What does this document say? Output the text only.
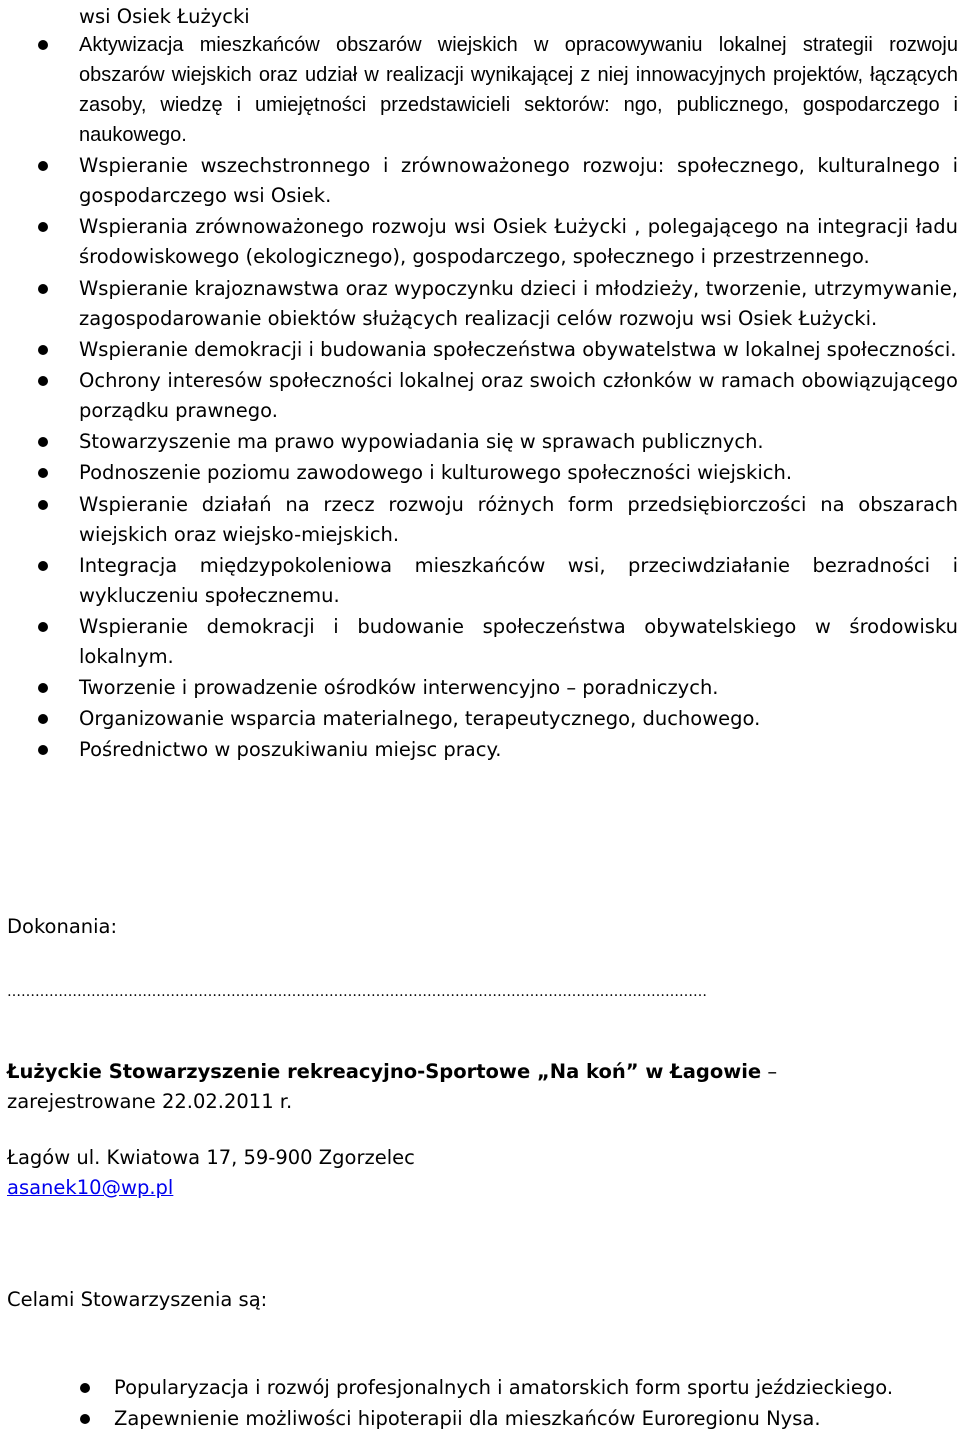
wsi Osiek Łużycki
Aktywizacja mieszkańców obszarów wiejskich w opracowywaniu lokalnej strategii rozwoju obszarów wiejskich oraz udział w realizacji wynikającej z niej innowacyjnych projektów, łączących zasoby, wiedzę i umiejętności przedstawicieli sektorów: ngo, publicznego, gospodarczego i naukowego.
Wspieranie wszechstronnego i zrównoważonego rozwoju: społecznego, kulturalnego i gospodarczego wsi Osiek.
Wspierania zrównoważonego rozwoju wsi Osiek Łużycki , polegającego na integracji ładu środowiskowego (ekologicznego), gospodarczego, społecznego i przestrzennego.
Wspieranie krajoznawstwa oraz wypoczynku dzieci i młodzieży, tworzenie, utrzymywanie, zagospodarowanie obiektów służących realizacji celów rozwoju wsi Osiek Łużycki.
Wspieranie demokracji i budowania społeczeństwa obywatelstwa w lokalnej społeczności.
Ochrony interesów społeczności lokalnej oraz swoich członków w ramach obowiązującego porządku prawnego.
Stowarzyszenie ma prawo wypowiadania się w sprawach publicznych.
Podnoszenie poziomu zawodowego i kulturowego społeczności wiejskich.
Wspieranie działań na rzecz rozwoju różnych form przedsiębiorczości na obszarach wiejskich oraz wiejsko-miejskich.
Integracja międzypokoleniowa mieszkańców wsi, przeciwdziałanie bezradności i wykluczeniu społecznemu.
Wspieranie demokracji i budowanie społeczeństwa obywatelskiego w środowisku lokalnym.
Tworzenie i prowadzenie ośrodków interwencyjno – poradniczych.
Organizowanie wsparcia materialnego, terapeutycznego, duchowego.
Pośrednictwo w poszukiwaniu miejsc pracy.
Dokonania:
……………………………………………………………………………………………………………………………………
Łużyckie Stowarzyszenie rekreacyjno-Sportowe „Na koń” w Łagowie –
zarejestrowane 22.02.2011 r.
Łagów ul. Kwiatowa 17, 59-900 Zgorzelec
asanek10@wp.pl
Celami Stowarzyszenia są:
Popularyzacja i rozwój profesjonalnych i amatorskich form sportu jeździeckiego.
Zapewnienie możliwości hipoterapii dla mieszkańców Euroregionu Nysa.
